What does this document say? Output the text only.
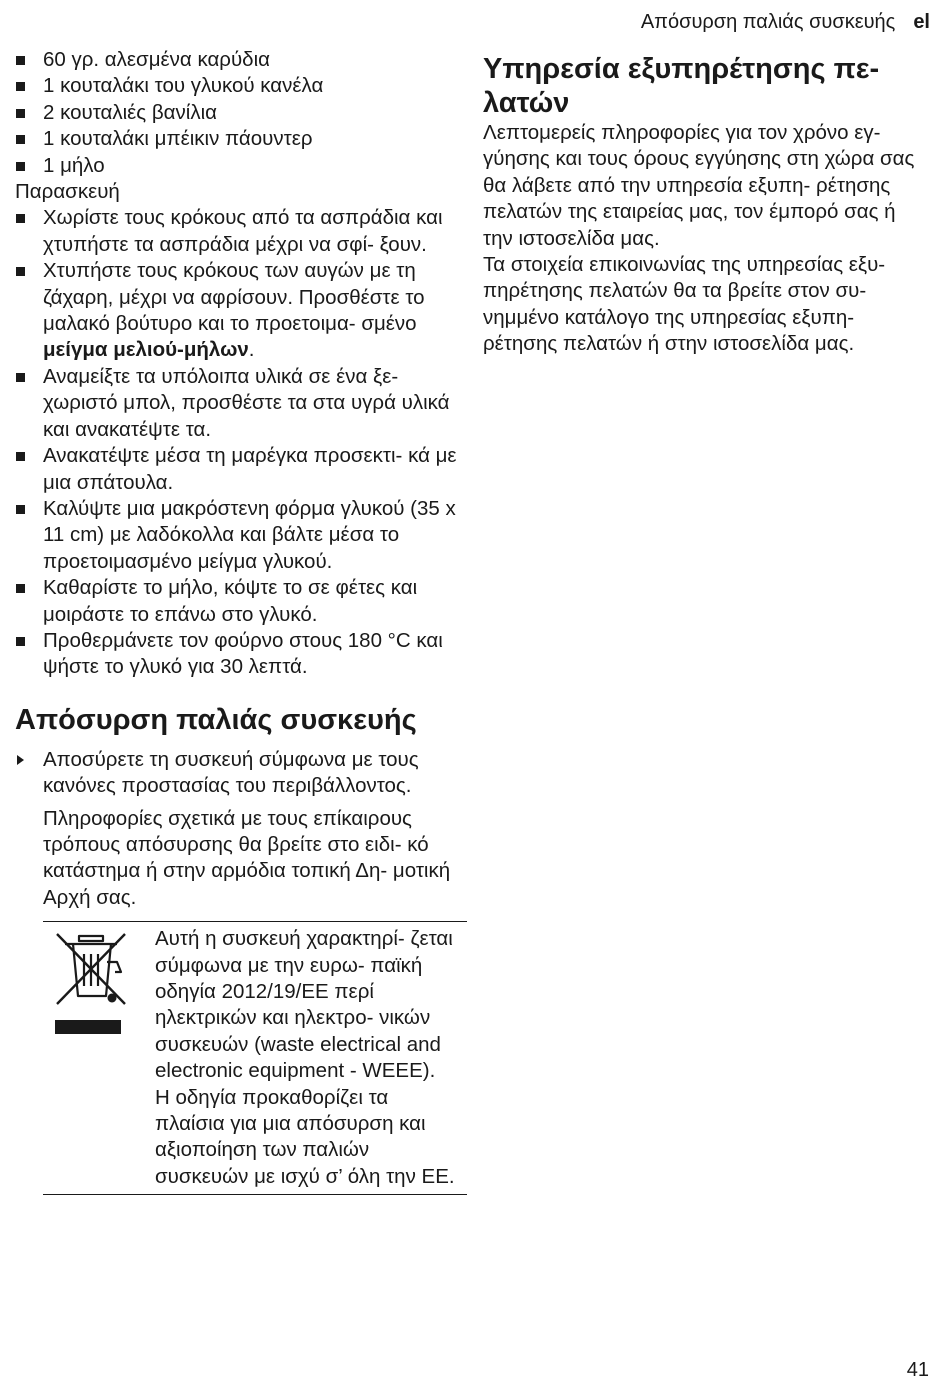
Απόσυρση παλιάς συσκευής el
60 γρ. αλεσμένα καρύδια
1 κουταλάκι του γλυκού κανέλα
2 κουταλιές βανίλια
1 κουταλάκι μπέικιν πάουντερ
1 μήλο

Παρασκευή

Χωρίστε τους κρόκους από τα ασπράδια και χτυπήστε τα ασπράδια μέχρι να σφί- ξουν.
Χτυπήστε τους κρόκους των αυγών με τη ζάχαρη, μέχρι να αφρίσουν. Προσθέστε το μαλακό βούτυρο και το προετοιμα- σμένο μείγμα μελιού-μήλων.
Αναμείξτε τα υπόλοιπα υλικά σε ένα ξε- χωριστό μπολ, προσθέστε τα στα υγρά υλικά και ανακατέψτε τα.
Ανακατέψτε μέσα τη μαρέγκα προσεκτι- κά με μια σπάτουλα.
Καλύψτε μια μακρόστενη φόρμα γλυκού (35 x 11 cm) με λαδόκολλα και βάλτε μέσα το προετοιμασμένο μείγμα γλυκού.
Καθαρίστε το μήλο, κόψτε το σε φέτες και μοιράστε το επάνω στο γλυκό.
Προθερμάνετε τον φούρνο στους 180 °C και ψήστε το γλυκό για 30 λεπτά.
Απόσυρση παλιάς συσκευής
Αποσύρετε τη συσκευή σύμφωνα με τους κανόνες προστασίας του περιβάλλοντος.

Πληροφορίες σχετικά με τους επίκαιρους τρόπους απόσυρσης θα βρείτε στο ειδι- κό κατάστημα ή στην αρμόδια τοπική Δη- μοτική Αρχή σας.

Αυτή η συσκευή χαρακτηρί- ζεται σύμφωνα με την ευρω- παϊκή οδηγία 2012/19/ΕΕ περί ηλεκτρικών και ηλεκτρο- νικών συσκευών (waste electrical and electronic equipment - WEEE).
Η οδηγία προκαθορίζει τα πλαίσια για μια απόσυρση και αξιοποίηση των παλιών συσκευών με ισχύ σ’ όλη την ΕΕ.
Υπηρεσία εξυπηρέτησης πε- λατών

Λεπτομερείς πληροφορίες για τον χρόνο εγ- γύησης και τους όρους εγγύησης στη χώρα σας θα λάβετε από την υπηρεσία εξυπη- ρέτησης πελατών της εταιρείας μας, τον έμπορό σας ή την ιστοσελίδα μας.

Τα στοιχεία επικοινωνίας της υπηρεσίας εξυ- πηρέτησης πελατών θα τα βρείτε στον συ- νημμένο κατάλογο της υπηρεσίας εξυπη- ρέτησης πελατών ή στην ιστοσελίδα μας.

41
